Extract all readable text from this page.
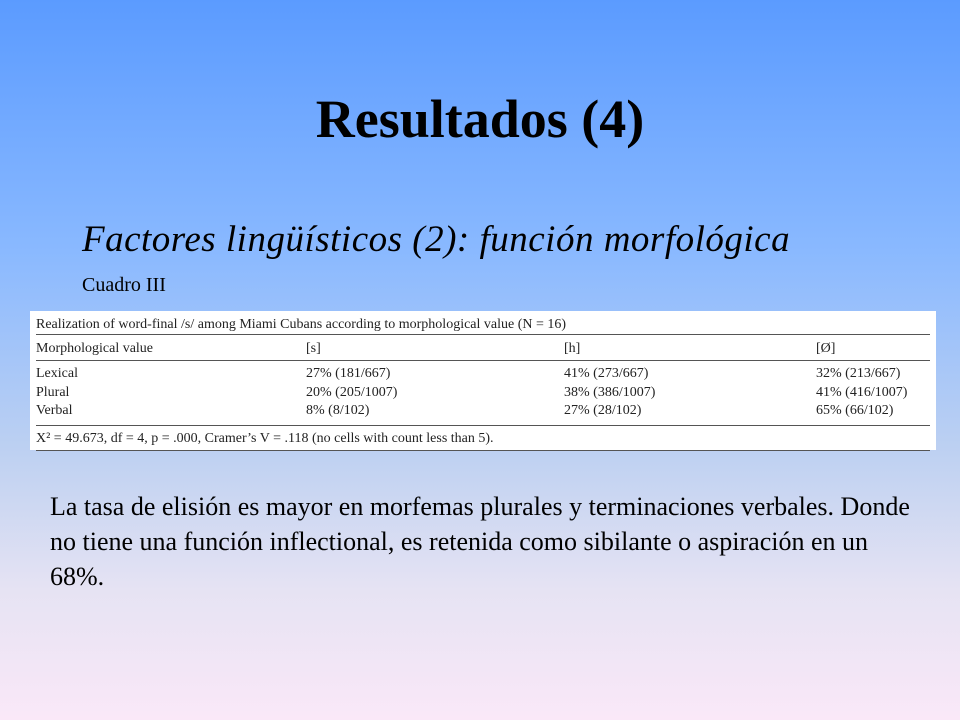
Resultados (4)
Factores lingüísticos (2): función morfológica
Cuadro III
Realization of word-final /s/ among Miami Cubans according to morphological value (N = 16)
Morphological value	[s]	[h]	[Ø]
Lexical	27% (181/667)	41% (273/667)	32% (213/667)
Plural	20% (205/1007)	38% (386/1007)	41% (416/1007)
Verbal	8% (8/102)	27% (28/102)	65% (66/102)
X² = 49.673, df = 4, p = .000, Cramer’s V = .118 (no cells with count less than 5).
La tasa de elisión es mayor en morfemas plurales y terminaciones verbales. Donde no tiene una función inflectional, es retenida como sibilante o aspiración en un 68%.
